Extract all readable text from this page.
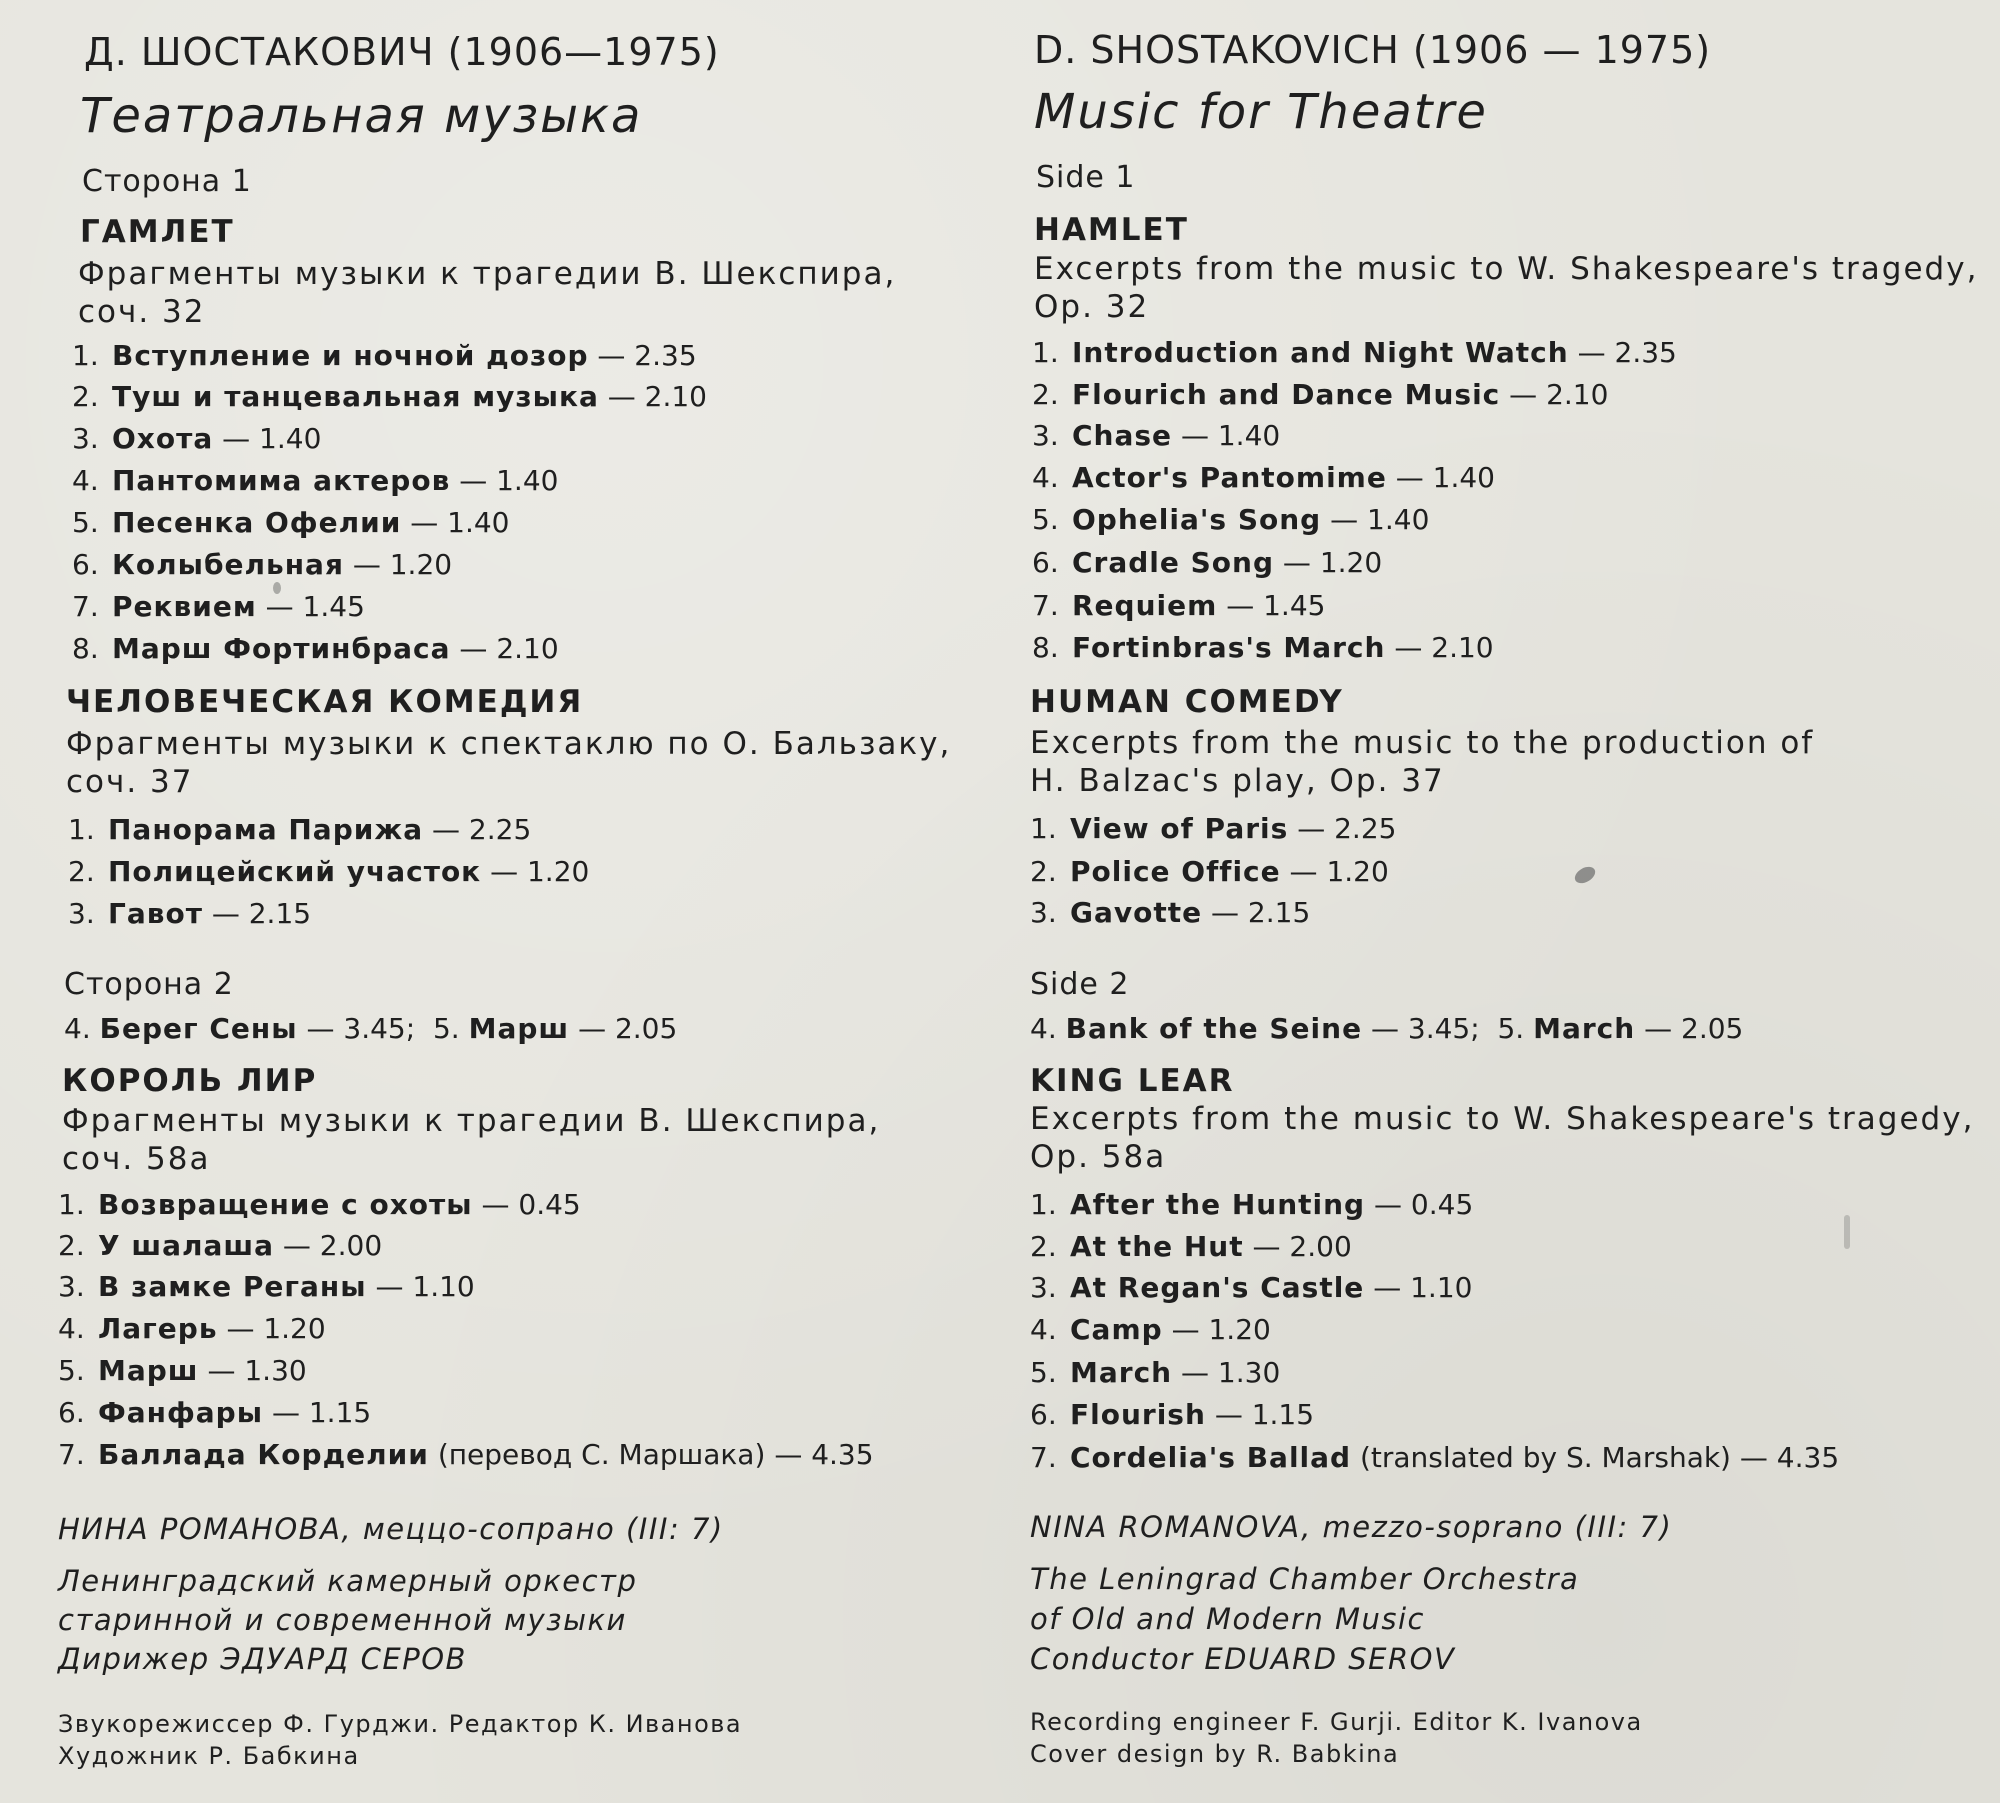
Д. ШОСТАКОВИЧ (1906—1975)
Театральная музыка
Сторона 1
ГАМЛЕТ
Фрагменты музыки к трагедии В. Шекспира,
соч. 32
1. Вступление и ночной дозор — 2.35
2. Туш и танцевальная музыка — 2.10
3. Охота — 1.40
4. Пантомима актеров — 1.40
5. Песенка Офелии — 1.40
6. Колыбельная — 1.20
7. Реквием — 1.45
8. Марш Фортинбраса — 2.10
ЧЕЛОВЕЧЕСКАЯ КОМЕДИЯ
Фрагменты музыки к спектаклю по О. Бальзаку,
соч. 37
1. Панорама Парижа — 2.25
2. Полицейский участок — 1.20
3. Гавот — 2.15
Сторона 2
4. Берег Сены — 3.45; 5. Марш — 2.05
КОРОЛЬ ЛИР
Фрагменты музыки к трагедии В. Шекспира,
соч. 58а
1. Возвращение с охоты — 0.45
2. У шалаша — 2.00
3. В замке Реганы — 1.10
4. Лагерь — 1.20
5. Марш — 1.30
6. Фанфары — 1.15
7. Баллада Корделии (перевод С. Маршака) — 4.35
НИНА РОМАНОВА, меццо-сопрано (III: 7)
Ленинградский камерный оркестр
старинной и современной музыки
Дирижер ЭДУАРД СЕРОВ
Звукорежиссер Ф. Гурджи. Редактор К. Иванова
Художник Р. Бабкина
D. SHOSTAKOVICH (1906 — 1975)
Music for Theatre
Side 1
HAMLET
Excerpts from the music to W. Shakespeare's tragedy,
Op. 32
1. Introduction and Night Watch — 2.35
2. Flourich and Dance Music — 2.10
3. Chase — 1.40
4. Actor's Pantomime — 1.40
5. Ophelia's Song — 1.40
6. Cradle Song — 1.20
7. Requiem — 1.45
8. Fortinbras's March — 2.10
HUMAN COMEDY
Excerpts from the music to the production of
H. Balzac's play, Op. 37
1. View of Paris — 2.25
2. Police Office — 1.20
3. Gavotte — 2.15
Side 2
4. Bank of the Seine — 3.45; 5. March — 2.05
KING LEAR
Excerpts from the music to W. Shakespeare's tragedy,
Op. 58a
1. After the Hunting — 0.45
2. At the Hut — 2.00
3. At Regan's Castle — 1.10
4. Camp — 1.20
5. March — 1.30
6. Flourish — 1.15
7. Cordelia's Ballad (translated by S. Marshak) — 4.35
NINA ROMANOVA, mezzo-soprano (III: 7)
The Leningrad Chamber Orchestra
of Old and Modern Music
Conductor EDUARD SEROV
Recording engineer F. Gurji. Editor K. Ivanova
Cover design by R. Babkina
